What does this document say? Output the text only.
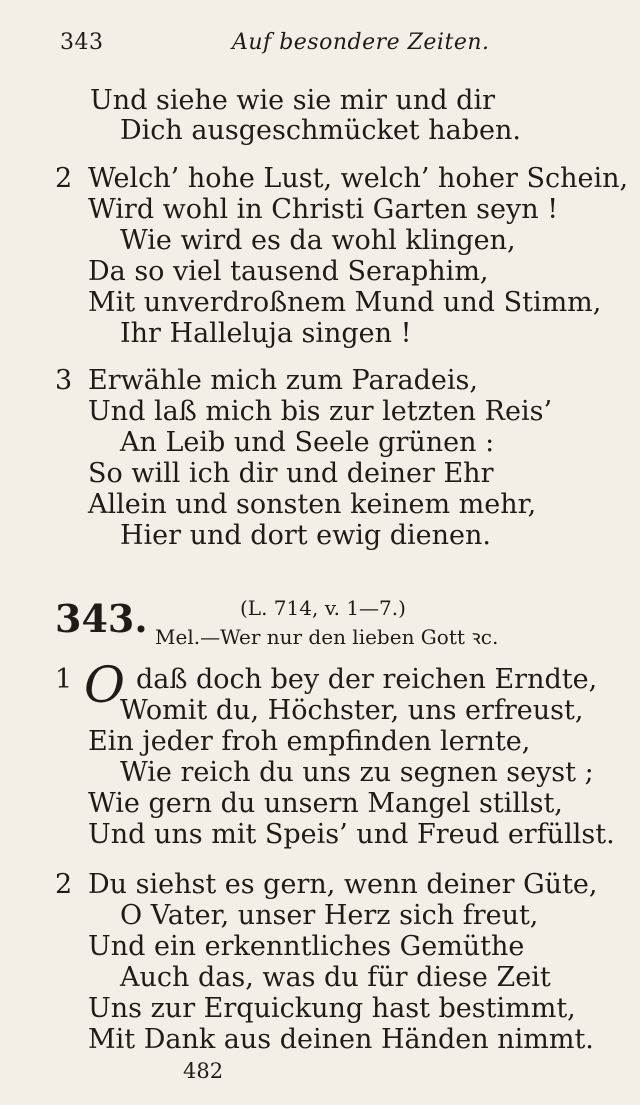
343	Auf besondere Zeiten.
Und siehe wie sie mir und dir
Dich ausgeschmücket haben.
2 Welch’ hohe Lust, welch’ hoher Schein,
Wird wohl in Christi Garten seyn !
Wie wird es da wohl klingen,
Da so viel tausend Seraphim,
Mit unverdroßnem Mund und Stimm,
Ihr Halleluja singen !
3 Erwähle mich zum Paradeis,
Und laß mich bis zur letzten Reis’
An Leib und Seele grünen :
So will ich dir und deiner Ehr
Allein und sonsten keinem mehr,
Hier und dort ewig dienen.
343.	(L. 714, v. 1—7.)
Mel.—Wer nur den lieben Gott ꝛc.
1 O daß doch bey der reichen Erndte,
Womit du, Höchster, uns erfreust,
Ein jeder froh empfinden lernte,
Wie reich du uns zu segnen seyst ;
Wie gern du unsern Mangel stillst,
Und uns mit Speis’ und Freud erfüllst.
2 Du siehst es gern, wenn deiner Güte,
O Vater, unser Herz sich freut,
Und ein erkenntliches Gemüthe
Auch das, was du für diese Zeit
Uns zur Erquickung hast bestimmt,
Mit Dank aus deinen Händen nimmt.
482
